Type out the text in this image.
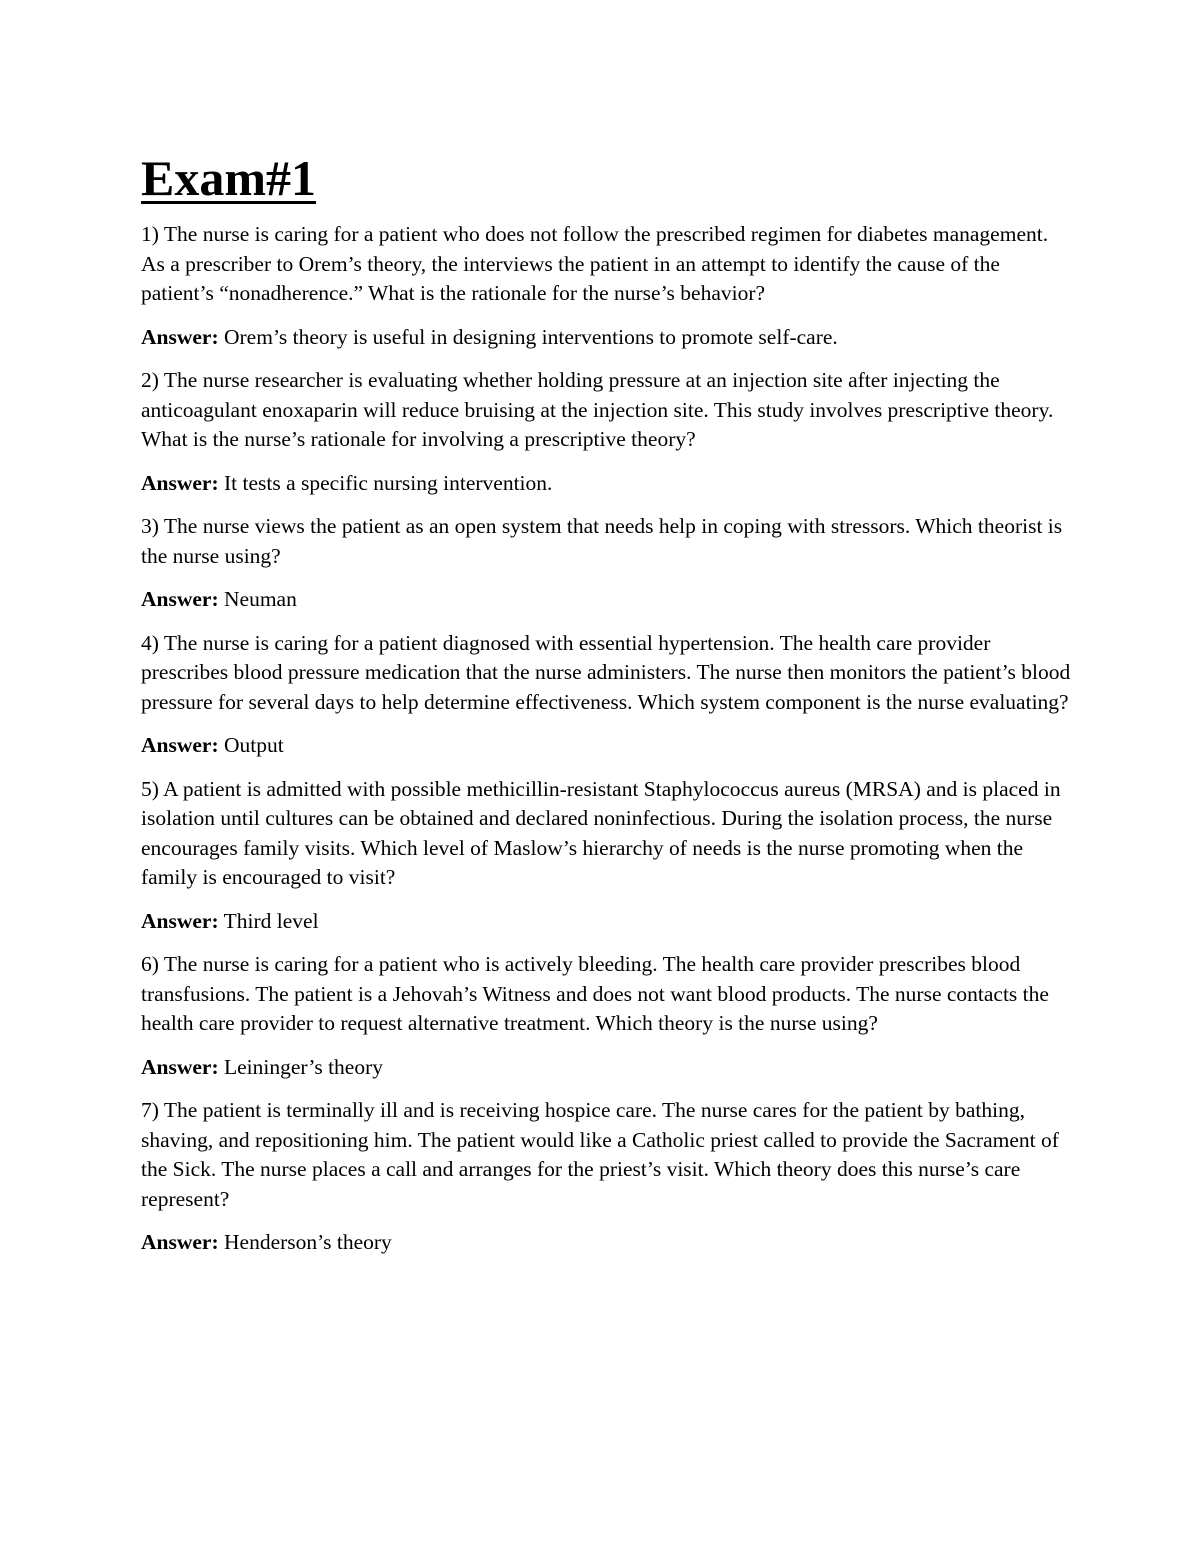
Exam#1

1) The nurse is caring for a patient who does not follow the prescribed regimen for diabetes management. As a prescriber to Orem’s theory, the interviews the patient in an attempt to identify the cause of the patient’s “nonadherence.” What is the rationale for the nurse’s behavior?

Answer: Orem’s theory is useful in designing interventions to promote self-care.

2) The nurse researcher is evaluating whether holding pressure at an injection site after injecting the anticoagulant enoxaparin will reduce bruising at the injection site. This study involves prescriptive theory. What is the nurse’s rationale for involving a prescriptive theory?

Answer: It tests a specific nursing intervention.

3) The nurse views the patient as an open system that needs help in coping with stressors. Which theorist is the nurse using?

Answer: Neuman

4) The nurse is caring for a patient diagnosed with essential hypertension. The health care provider prescribes blood pressure medication that the nurse administers. The nurse then monitors the patient’s blood pressure for several days to help determine effectiveness. Which system component is the nurse evaluating?

Answer: Output

5) A patient is admitted with possible methicillin-resistant Staphylococcus aureus (MRSA) and is placed in isolation until cultures can be obtained and declared noninfectious. During the isolation process, the nurse encourages family visits. Which level of Maslow’s hierarchy of needs is the nurse promoting when the family is encouraged to visit?

Answer: Third level

6) The nurse is caring for a patient who is actively bleeding. The health care provider prescribes blood transfusions. The patient is a Jehovah’s Witness and does not want blood products. The nurse contacts the health care provider to request alternative treatment. Which theory is the nurse using?

Answer: Leininger’s theory

7) The patient is terminally ill and is receiving hospice care. The nurse cares for the patient by bathing, shaving, and repositioning him. The patient would like a Catholic priest called to provide the Sacrament of the Sick. The nurse places a call and arranges for the priest’s visit. Which theory does this nurse’s care represent?

Answer: Henderson’s theory
